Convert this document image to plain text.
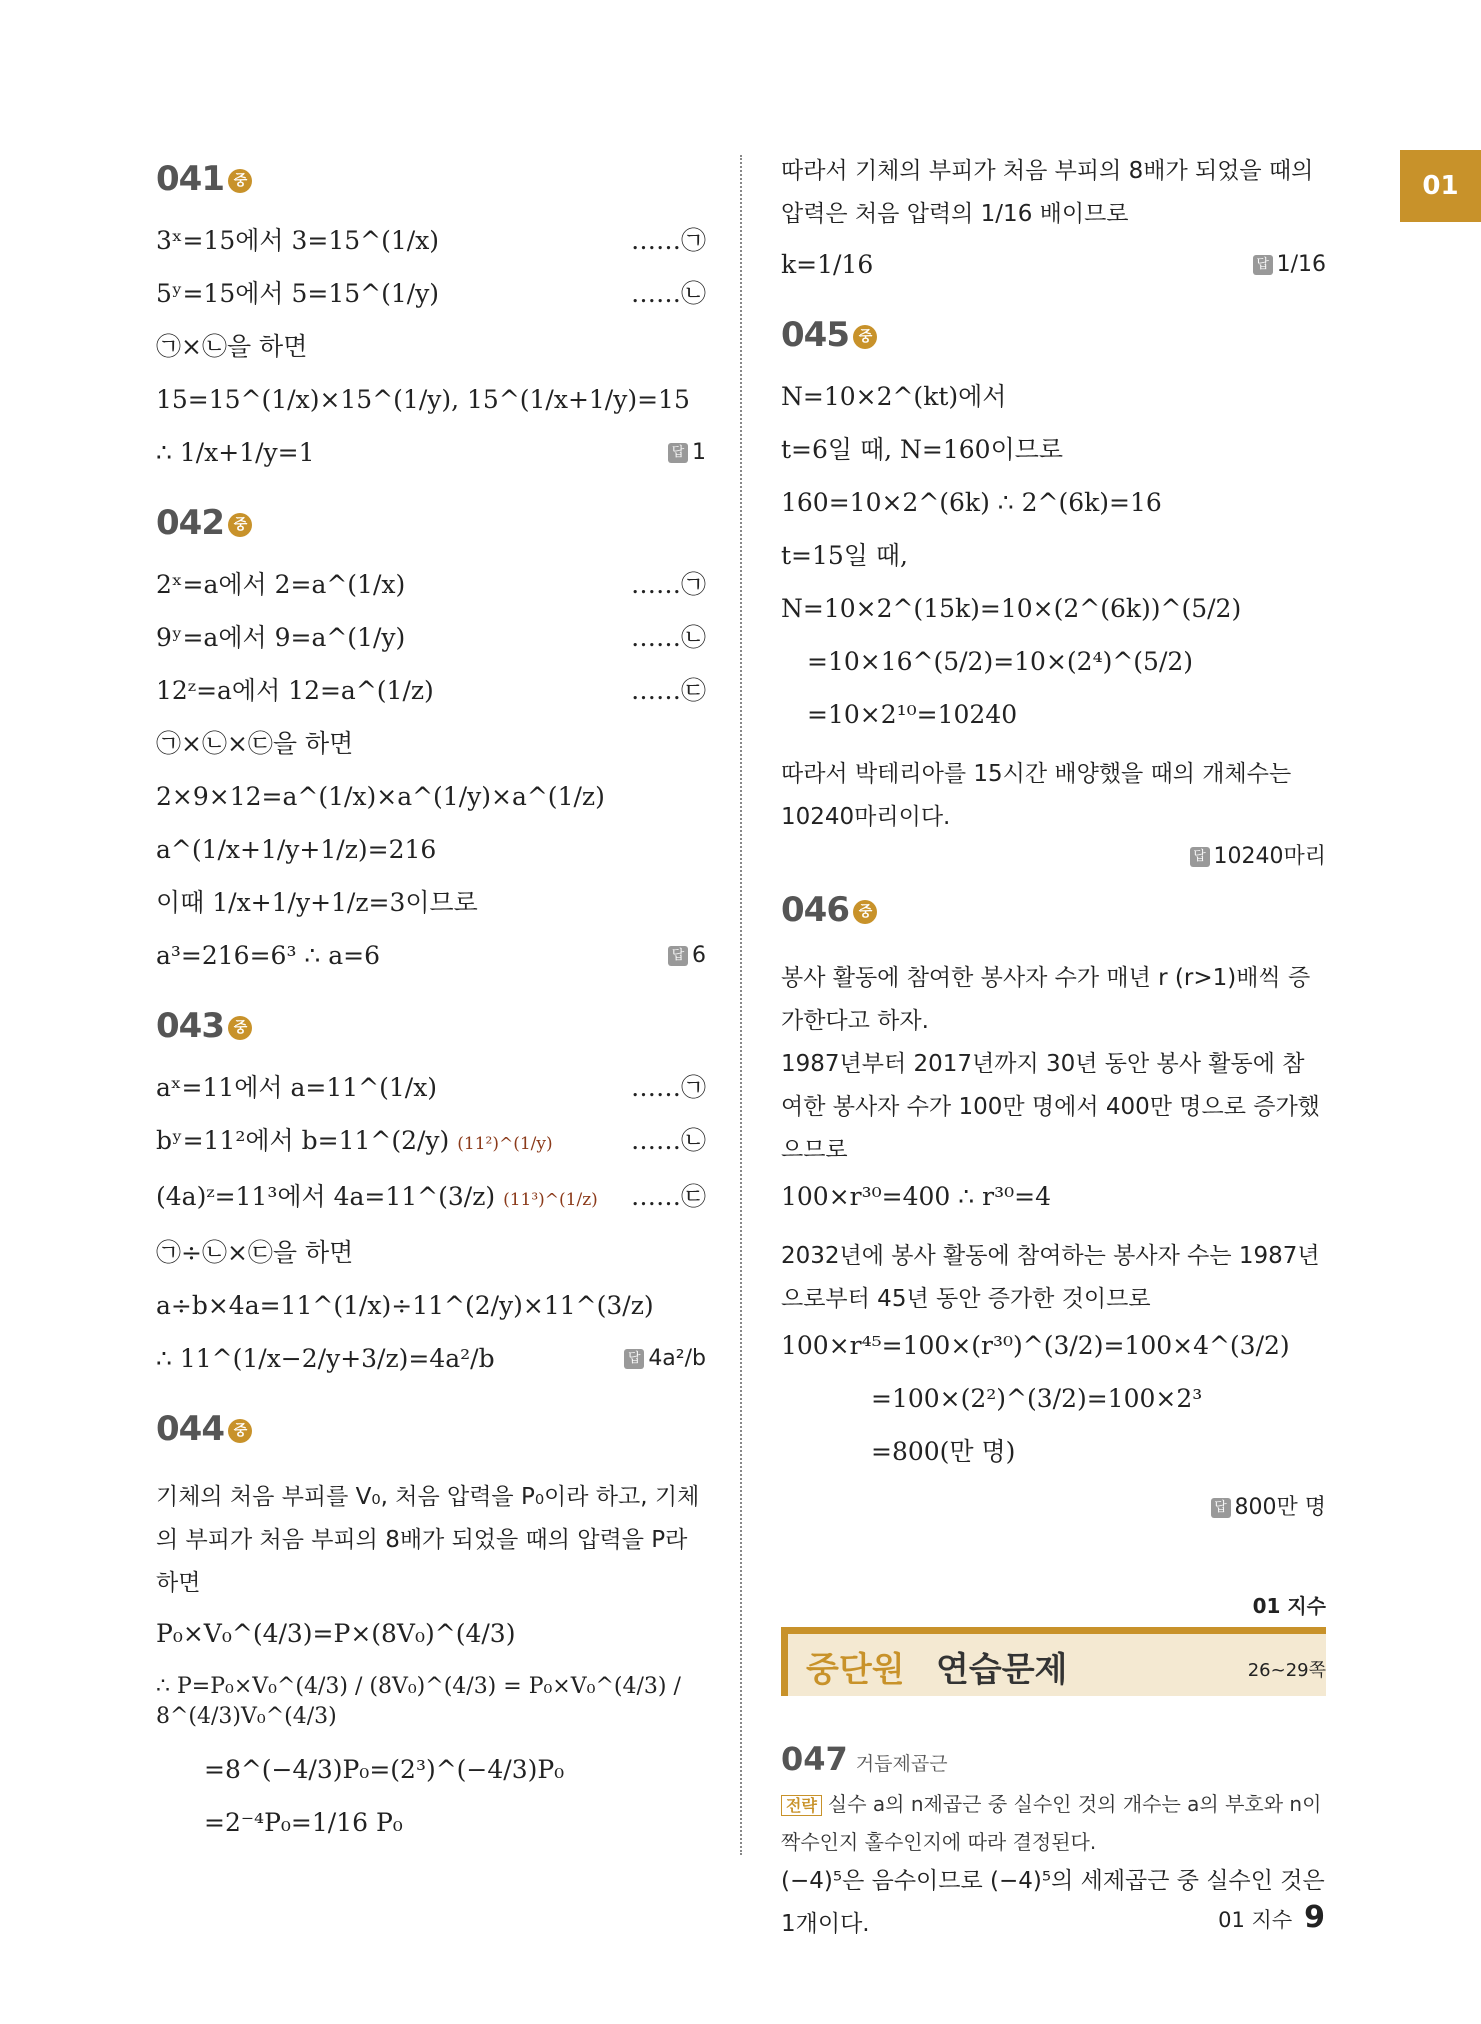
01
041 중
3ˣ=15에서 3=15^(1/x)	……㉠
5ʸ=15에서 5=15^(1/y)	……㉡
㉠×㉡을 하면
15=15^(1/x)×15^(1/y), 15^(1/x+1/y)=15
∴ 1/x+1/y=1	답 1
042 중
2ˣ=a에서 2=a^(1/x)	……㉠
9ʸ=a에서 9=a^(1/y)	……㉡
12ᶻ=a에서 12=a^(1/z)	……㉢
㉠×㉡×㉢을 하면
2×9×12=a^(1/x)×a^(1/y)×a^(1/z)
a^(1/x+1/y+1/z)=216
이때 1/x+1/y+1/z=3이므로
a³=216=6³ ∴ a=6	답 6
043 중
aˣ=11에서 a=11^(1/x)	……㉠
bʸ=11²에서 b=11^(2/y) (11²)^(1/y)	……㉡
(4a)ᶻ=11³에서 4a=11^(3/z) (11³)^(1/z) ……㉢
㉠÷㉡×㉢을 하면
a÷b×4a=11^(1/x)÷11^(2/y)×11^(3/z)
∴ 11^(1/x−2/y+3/z)=4a²/b	답 4a²/b
044 중

기체의 처음 부피를 V₀, 처음 압력을 P₀이라 하고, 기체의 부피가 처음 부피의 8배가 되었을 때의 압력을 P라 하면

P₀×V₀^(4/3)=P×(8V₀)^(4/3)
∴ P=P₀×V₀^(4/3) / (8V₀)^(4/3) = P₀×V₀^(4/3) / 8^(4/3)V₀^(4/3)
=8^(−4/3)P₀=(2³)^(−4/3)P₀
=2⁻⁴P₀=1/16 P₀

따라서 기체의 부피가 처음 부피의 8배가 되었을 때의 압력은 처음 압력의 1/16 배이므로

k=1/16	답 1/16
045 중
N=10×2^(kt)에서
t=6일 때, N=160이므로
160=10×2^(6k) ∴ 2^(6k)=16
t=15일 때,
N=10×2^(15k)=10×(2^(6k))^(5/2)
=10×16^(5/2)=10×(2⁴)^(5/2)
=10×2¹⁰=10240

따라서 박테리아를 15시간 배양했을 때의 개체수는 10240마리이다.

답 10240마리
046 중

봉사 활동에 참여한 봉사자 수가 매년 r (r>1)배씩 증가한다고 하자.

1987년부터 2017년까지 30년 동안 봉사 활동에 참여한 봉사자 수가 100만 명에서 400만 명으로 증가했으므로

100×r³⁰=400 ∴ r³⁰=4

2032년에 봉사 활동에 참여하는 봉사자 수는 1987년으로부터 45년 동안 증가한 것이므로

100×r⁴⁵=100×(r³⁰)^(3/2)=100×4^(3/2)
=100×(2²)^(3/2)=100×2³
=800(만 명)
답 800만 명
01 지수
중단원 연습문제	26~29쪽
047 거듭제곱근
전략 실수 a의 n제곱근 중 실수인 것의 개수는 a의 부호와 n이 짝수인지 홀수인지에 따라 결정된다.

(−4)⁵은 음수이므로 (−4)⁵의 세제곱근 중 실수인 것은 1개이다.	01 지수 9
